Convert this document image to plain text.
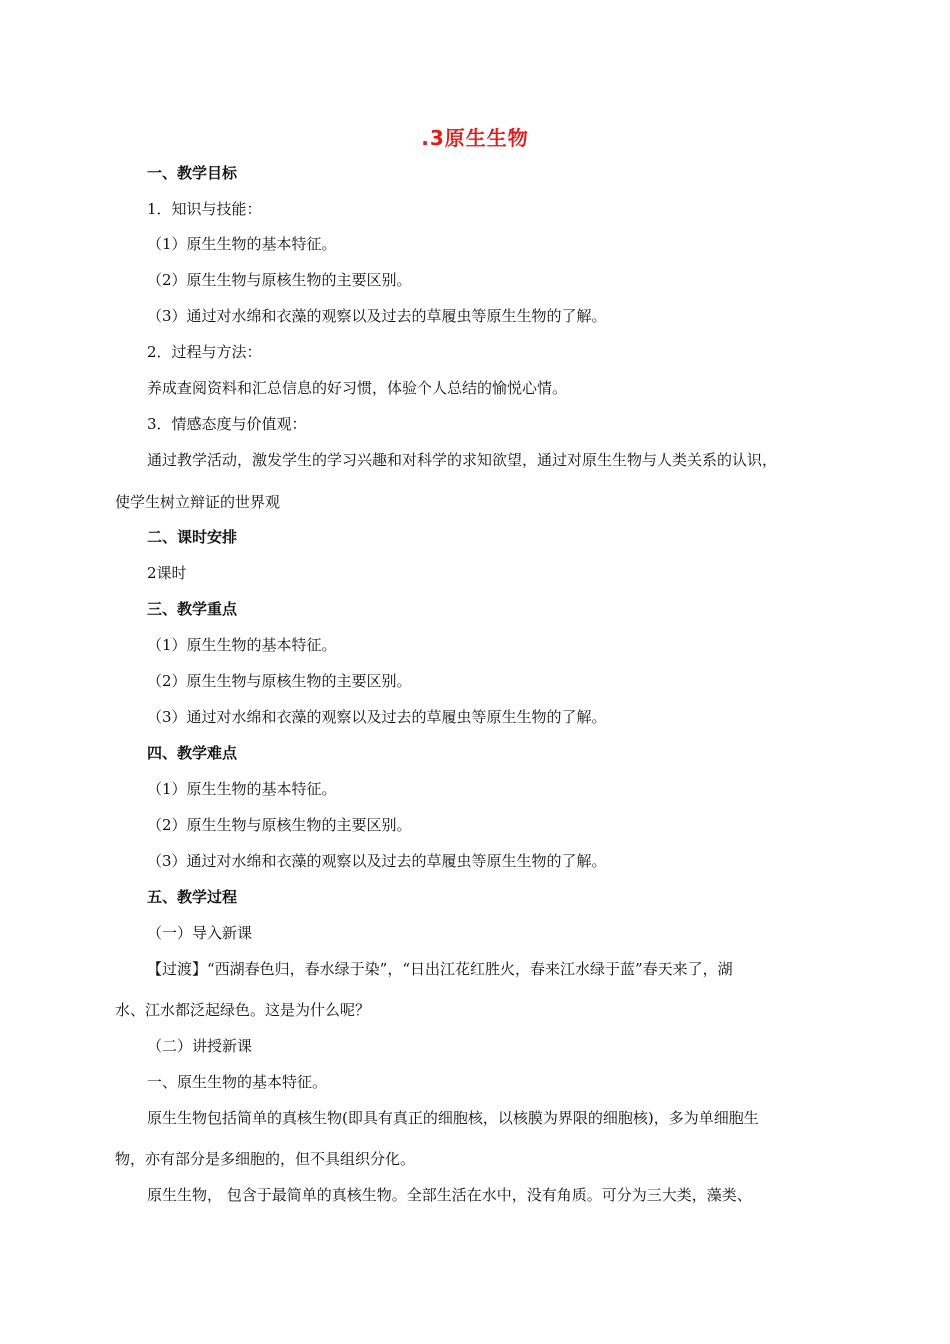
.3原生生物
一、教学目标
1．知识与技能：
（1）原生生物的基本特征。
（2）原生生物与原核生物的主要区别。
（3）通过对水绵和衣藻的观察以及过去的草履虫等原生生物的了解。
2．过程与方法：
养成查阅资料和汇总信息的好习惯，体验个人总结的愉悦心情。
3．情感态度与价值观：
通过教学活动，激发学生的学习兴趣和对科学的求知欲望，通过对原生生物与人类关系的认识，
使学生树立辩证的世界观
二、课时安排
2课时
三、教学重点
（1）原生生物的基本特征。
（2）原生生物与原核生物的主要区别。
（3）通过对水绵和衣藻的观察以及过去的草履虫等原生生物的了解。
四、教学难点
（1）原生生物的基本特征。
（2）原生生物与原核生物的主要区别。
（3）通过对水绵和衣藻的观察以及过去的草履虫等原生生物的了解。
五、教学过程
（一）导入新课
【过渡】“西湖春色归，春水绿于染”，“日出江花红胜火，春来江水绿于蓝”春天来了，湖
水、江水都泛起绿色。这是为什么呢？
（二）讲授新课
一、原生生物的基本特征。
原生生物包括简单的真核生物(即具有真正的细胞核，以核膜为界限的细胞核)，多为单细胞生
物，亦有部分是多细胞的，但不具组织分化。
原生生物， 包含于最简单的真核生物。全部生活在水中，没有角质。可分为三大类，藻类、
